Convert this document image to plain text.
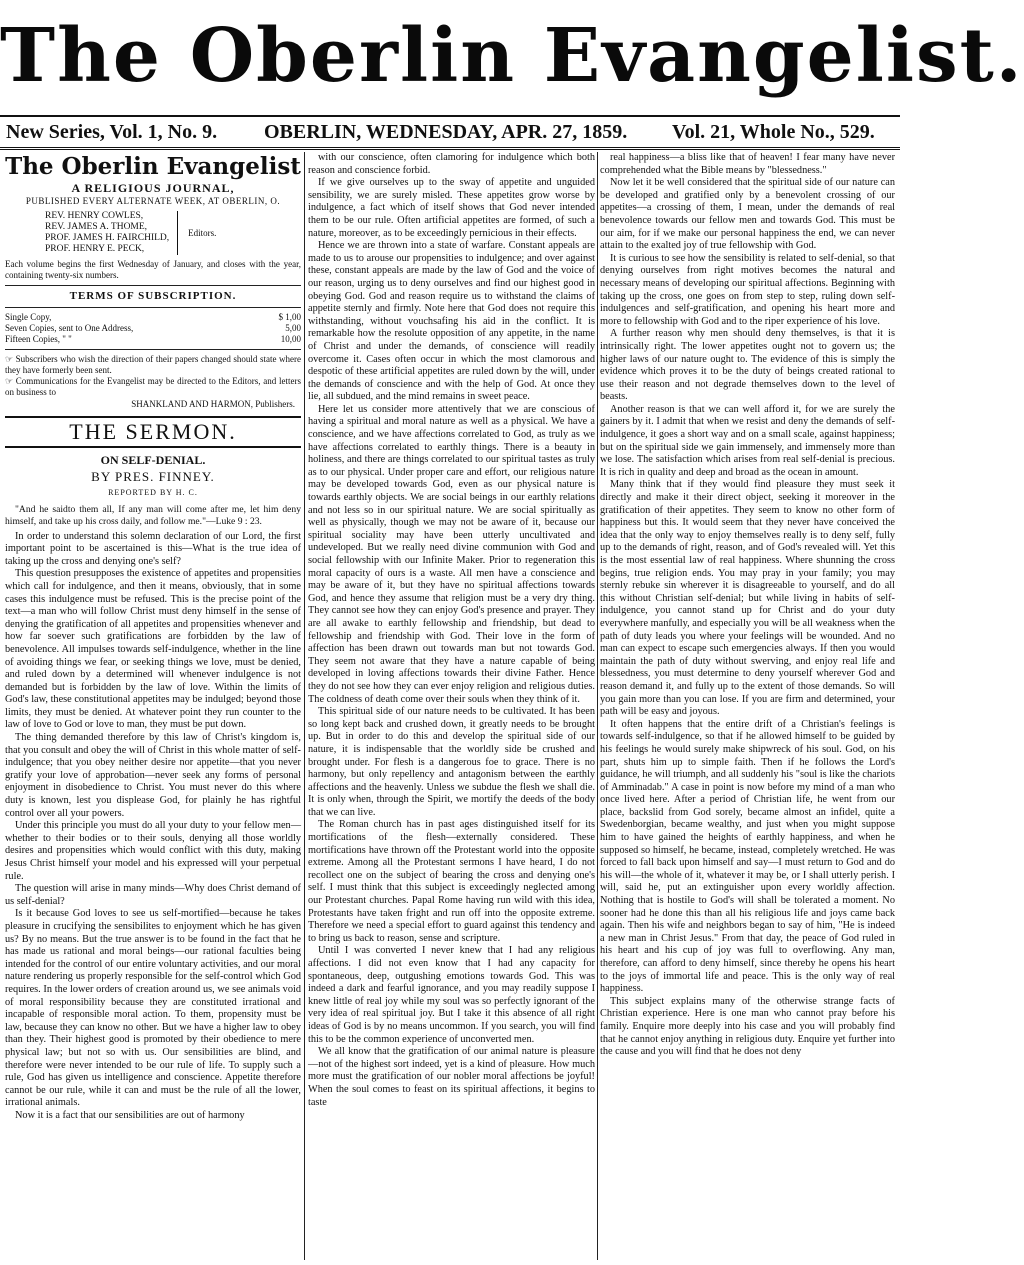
The Oberlin Evangelist.
New Series, Vol. 1, No. 9. OBERLIN, WEDNESDAY, APR. 27, 1859. Vol. 21, Whole No., 529.
The Oberlin Evangelist
A RELIGIOUS JOURNAL,
PUBLISHED EVERY ALTERNATE WEEK, AT OBERLIN, O.
REV. HENRY COWLES,
REV. JAMES A. THOME,
PROF. JAMES H. FAIRCHILD,
PROF. HENRY E. PECK,
Editors.

Each volume begins the first Wednesday of January, and closes with the year, containing twenty-six numbers.

TERMS OF SUBSCRIPTION.
Single Copy,	$ 1,00
Seven Copies, sent to One Address,	5,00
Fifteen Copies, " "	10,00

☞ Subscribers who wish the direction of their papers changed should state where they have formerly been sent.

☞ Communications for the Evangelist may be directed to the Editors, and letters on business to

SHANKLAND AND HARMON, Publishers.
THE SERMON.
ON SELF-DENIAL.
BY PRES. FINNEY.
REPORTED BY H. C.

"And he saidto them all, If any man will come after me, let him deny himself, and take up his cross daily, and follow me."—Luke 9 : 23.

In order to understand this solemn declaration of our Lord, the first important point to be ascertained is this—What is the true idea of taking up the cross and denying one's self?

This question presupposes the existence of appetites and propensities which call for indulgence, and then it means, obviously, that in some cases this indulgence must be refused. This is the precise point of the text—a man who will follow Christ must deny himself in the sense of denying the gratification of all appetites and propensities whenever and how far soever such gratifications are forbidden by the law of benevolence. All impulses towards self-indulgence, whether in the line of avoiding things we fear, or seeking things we love, must be denied, and ruled down by a determined will whenever indulgence is not demanded but is forbidden by the law of love. Within the limits of God's law, these constitutional appetites may be indulged; beyond those limits, they must be denied. At whatever point they run counter to the law of love to God or love to man, they must be put down.

The thing demanded therefore by this law of Christ's kingdom is, that you consult and obey the will of Christ in this whole matter of self-indulgence; that you obey neither desire nor appetite—that you never gratify your love of approbation—never seek any forms of personal enjoyment in disobedience to Christ. You must never do this where duty is known, lest you displease God, for plainly he has rightful control over all your powers.

Under this principle you must do all your duty to your fellow men—whether to their bodies or to their souls, denying all those worldly desires and propensities which would conflict with this duty, making Jesus Christ himself your model and his expressed will your perpetual rule.

The question will arise in many minds—Why does Christ demand of us self-denial?

Is it because God loves to see us self-mortified—because he takes pleasure in crucifying the sensibilites to enjoyment which he has given us? By no means. But the true answer is to be found in the fact that he has made us rational and moral beings—our rational faculties being intended for the control of our entire voluntary activities, and our moral nature rendering us properly responsible for the self-control which God requires. In the lower orders of creation around us, we see animals void of moral responsibility because they are constituted irrational and incapable of responsible moral action. To them, propensity must be law, because they can know no other. But we have a higher law to obey than they. Their highest good is promoted by their obedience to mere physical law; but not so with us. Our sensibilities are blind, and therefore were never intended to be our rule of life. To supply such a rule, God has given us intelligence and conscience. Appetite therefore cannot be our rule, while it can and must be the rule of all the lower, irrational animals.

Now it is a fact that our sensibilities are out of harmony

with our conscience, often clamoring for indulgence which both reason and conscience forbid.

If we give ourselves up to the sway of appetite and unguided sensibility, we are surely misled. These appetites grow worse by indulgence, a fact which of itself shows that God never intended them to be our rule. Often artificial appetites are formed, of such a nature, moreover, as to be exceedingly pernicious in their effects.

Hence we are thrown into a state of warfare. Constant appeals are made to us to arouse our propensities to indulgence; and over against these, constant appeals are made by the law of God and the voice of our reason, urging us to deny ourselves and find our highest good in obeying God. God and reason require us to withstand the claims of appetite sternly and firmly. Note here that God does not require this withstanding, without vouchsafing his aid in the conflict. It is remarkable how the resolute opposition of any appetite, in the name of Christ and under the demands, of conscience will readily overcome it. Cases often occur in which the most clamorous and despotic of these artificial appetites are ruled down by the will, under the demands of conscience and with the help of God. At once they lie, all subdued, and the mind remains in sweet peace.

Here let us consider more attentively that we are conscious of having a spiritual and moral nature as well as a physical. We have a conscience, and we have affections correlated to God, as truly as we have affections correlated to earthly things. There is a beauty in holiness, and there are things correlated to our spiritual tastes as truly as to our physical. Under proper care and effort, our religious nature may be developed towards God, even as our physical nature is towards earthly objects. We are social beings in our earthly relations and not less so in our spiritual nature. We are social spiritually as well as physically, though we may not be aware of it, because our spiritual sociality may have been utterly uncultivated and undeveloped. But we really need divine communion with God and social fellowship with our Infinite Maker. Prior to regeneration this moral capacity of ours is a waste. All men have a conscience and may be aware of it, but they have no spiritual affections towards God, and hence they assume that religion must be a very dry thing. They cannot see how they can enjoy God's presence and prayer. They are all awake to earthly fellowship and friendship, but dead to fellowship and friendship with God. Their love in the form of affection has been drawn out towards man but not towards God. They seem not aware that they have a nature capable of being developed in loving affections towards their divine Father. Hence they do not see how they can ever enjoy religion and religious duties. The coldness of death come over their souls when they think of it.

This spiritual side of our nature needs to be cultivated. It has been so long kept back and crushed down, it greatly needs to be brought up. But in order to do this and develop the spiritual side of our nature, it is indispensable that the worldly side be crushed and brought under. For flesh is a dangerous foe to grace. There is no harmony, but only repellency and antagonism between the earthly affections and the heavenly. Unless we subdue the flesh we shall die. It is only when, through the Spirit, we mortify the deeds of the body that we can live.

The Roman church has in past ages distinguished itself for its mortifications of the flesh—externally considered. These mortifications have thrown off the Protestant world into the opposite extreme. Among all the Protestant sermons I have heard, I do not recollect one on the subject of bearing the cross and denying one's self. I must think that this subject is exceedingly neglected among our Protestant churches. Papal Rome having run wild with this idea, Protestants have taken fright and run off into the opposite extreme. Therefore we need a special effort to guard against this tendency and to bring us back to reason, sense and scripture.

Until I was converted I never knew that I had any religious affections. I did not even know that I had any capacity for spontaneous, deep, outgushing emotions towards God. This was indeed a dark and fearful ignorance, and you may readily suppose I knew little of real joy while my soul was so perfectly ignorant of the very idea of real spiritual joy. But I take it this absence of all right ideas of God is by no means uncommon. If you search, you will find this to be the common experience of unconverted men.

We all know that the gratification of our animal nature is pleasure—not of the highest sort indeed, yet is a kind of pleasure. How much more must the gratification of our nobler moral affections be joyful! When the soul comes to feast on its spiritual affections, it begins to taste

real happiness—a bliss like that of heaven! I fear many have never comprehended what the Bible means by "blessedness."

Now let it be well considered that the spiritual side of our nature can be developed and gratified only by a benevolent crossing of our appetites—a crossing of them, I mean, under the demands of real benevolence towards our fellow men and towards God. This must be our aim, for if we make our personal happiness the end, we can never attain to the exalted joy of true fellowship with God.

It is curious to see how the sensibility is related to self-denial, so that denying ourselves from right motives becomes the natural and necessary means of developing our spiritual affections. Beginning with taking up the cross, one goes on from step to step, ruling down self-indulgences and self-gratification, and opening his heart more and more to fellowship with God and to the riper experience of his love.

A further reason why men should deny themselves, is that it is intrinsically right. The lower appetites ought not to govern us; the higher laws of our nature ought to. The evidence of this is simply the evidence which proves it to be the duty of beings created rational to use their reason and not degrade themselves down to the level of beasts.

Another reason is that we can well afford it, for we are surely the gainers by it. I admit that when we resist and deny the demands of self-indulgence, it goes a short way and on a small scale, against happiness; but on the spiritual side we gain immensely, and immensely more than we lose. The satisfaction which arises from real self-denial is precious. It is rich in quality and deep and broad as the ocean in amount.

Many think that if they would find pleasure they must seek it directly and make it their direct object, seeking it moreover in the gratification of their appetites. They seem to know no other form of happiness but this. It would seem that they never have conceived the idea that the only way to enjoy themselves really is to deny self, fully up to the demands of right, reason, and of God's revealed will. Yet this is the most essential law of real happiness. Where shunning the cross begins, true religion ends. You may pray in your family; you may sternly rebuke sin wherever it is disagreeable to yourself, and do all this without Christian self-denial; but while living in habits of self-indulgence, you cannot stand up for Christ and do your duty everywhere manfully, and especially you will be all weakness when the path of duty leads you where your feelings will be wounded. And no man can expect to escape such emergencies always. If then you would maintain the path of duty without swerving, and enjoy real life and blessedness, you must determine to deny yourself wherever God and reason demand it, and fully up to the extent of those demands. So will you gain more than you can lose. If you are firm and determined, your path will be easy and joyous.

It often happens that the entire drift of a Christian's feelings is towards self-indulgence, so that if he allowed himself to be guided by his feelings he would surely make shipwreck of his soul. God, on his part, shuts him up to simple faith. Then if he follows the Lord's guidance, he will triumph, and all suddenly his "soul is like the chariots of Amminadab." A case in point is now before my mind of a man who once lived here. After a period of Christian life, he went from our place, backslid from God sorely, became almost an infidel, quite a Swedenborgian, became wealthy, and just when you might suppose him to have gained the heights of earthly happiness, and when he supposed so himself, he became, instead, completely wretched. He was forced to fall back upon himself and say—I must return to God and do his will—the whole of it, whatever it may be, or I shall utterly perish. I will, said he, put an extinguisher upon every worldly affection. Nothing that is hostile to God's will shall be tolerated a moment. No sooner had he done this than all his religious life and joys came back again. Then his wife and neighbors began to say of him, "He is indeed a new man in Christ Jesus." From that day, the peace of God ruled in his heart and his cup of joy was full to overflowing. Any man, therefore, can afford to deny himself, since thereby he opens his heart to the joys of immortal life and peace. This is the only way of real happiness.

This subject explains many of the otherwise strange facts of Christian experience. Here is one man who cannot pray before his family. Enquire more deeply into his case and you will probably find that he cannot enjoy anything in religious duty. Enquire yet further into the cause and you will find that he does not deny
